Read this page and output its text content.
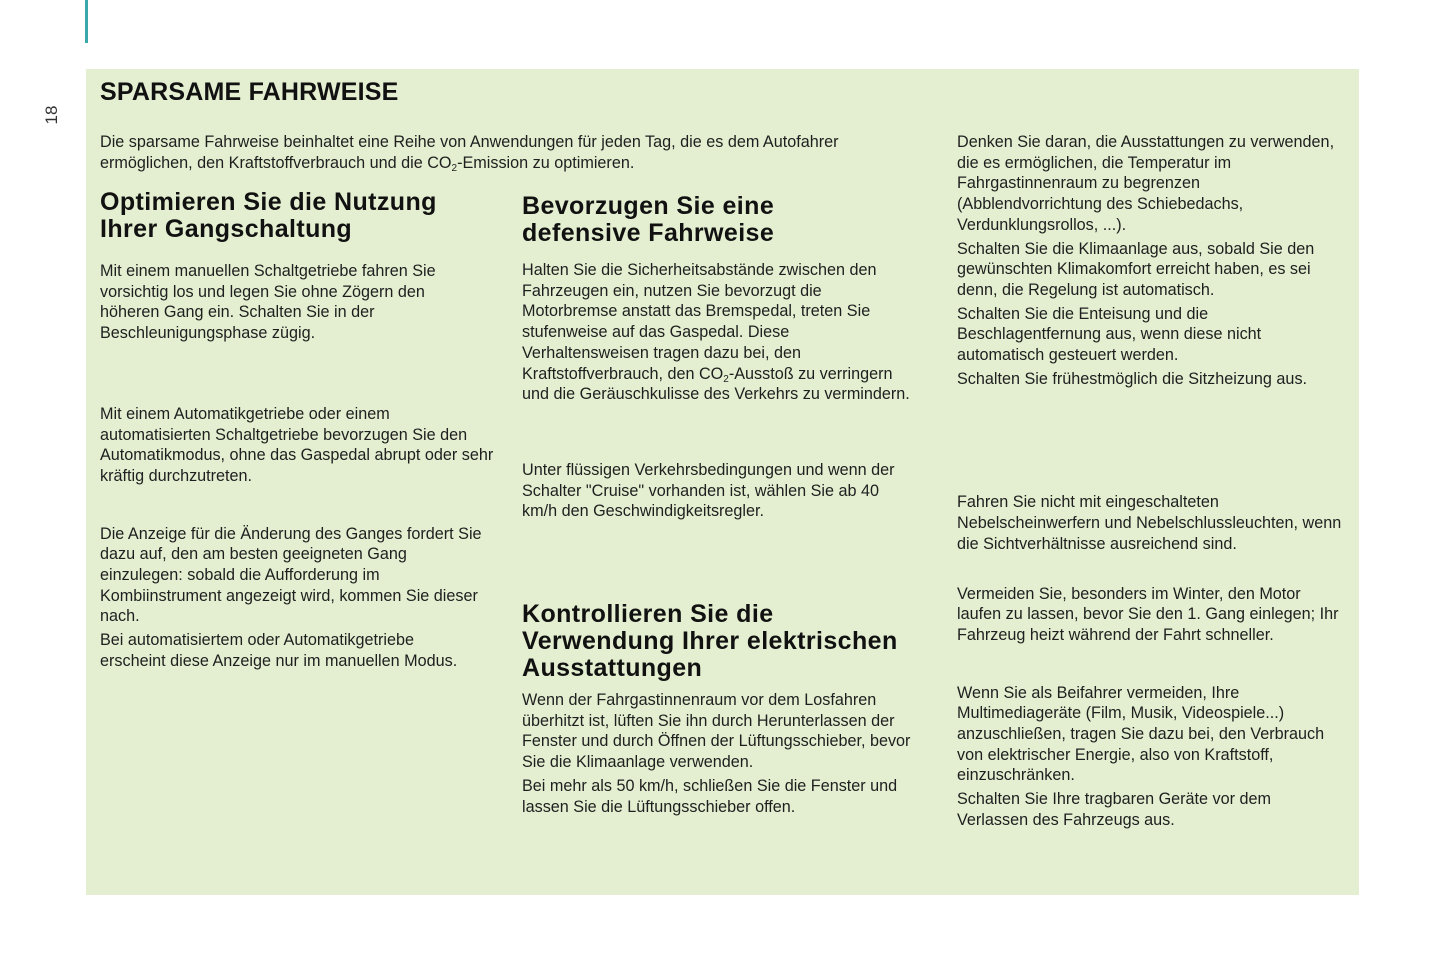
18
SPARSAME FAHRWEISE

Die sparsame Fahrweise beinhaltet eine Reihe von Anwendungen für jeden Tag, die es dem Autofahrer ermöglichen, den Kraftstoffverbrauch und die $CO_2$-Emission zu optimieren.

Optimieren Sie die Nutzung Ihrer Gangschaltung

Mit einem manuellen Schaltgetriebe fahren Sie vorsichtig los und legen Sie ohne Zögern den höheren Gang ein. Schalten Sie in der Beschleunigungsphase zügig.

Mit einem Automatikgetriebe oder einem automatisierten Schaltgetriebe bevorzugen Sie den Automatikmodus, ohne das Gaspedal abrupt oder sehr kräftig durchzutreten.

Die Anzeige für die Änderung des Ganges fordert Sie dazu auf, den am besten geeigneten Gang einzulegen: sobald die Aufforderung im Kombiinstrument angezeigt wird, kommen Sie dieser nach.

Bei automatisiertem oder Automatikgetriebe erscheint diese Anzeige nur im manuellen Modus.

Bevorzugen Sie eine defensive Fahrweise

Halten Sie die Sicherheitsabstände zwischen den Fahrzeugen ein, nutzen Sie bevorzugt die Motorbremse anstatt das Bremspedal, treten Sie stufenweise auf das Gaspedal. Diese Verhaltensweisen tragen dazu bei, den Kraftstoffverbrauch, den $CO_2$-Ausstoß zu verringern und die Geräuschkulisse des Verkehrs zu vermindern.

Unter flüssigen Verkehrsbedingungen und wenn der Schalter "Cruise" vorhanden ist, wählen Sie ab 40 km/h den Geschwindigkeitsregler.

Kontrollieren Sie die Verwendung Ihrer elektrischen Ausstattungen

Wenn der Fahrgastinnenraum vor dem Losfahren überhitzt ist, lüften Sie ihn durch Herunterlassen der Fenster und durch Öffnen der Lüftungsschieber, bevor Sie die Klimaanlage verwenden.

Bei mehr als 50 km/h, schließen Sie die Fenster und lassen Sie die Lüftungsschieber offen.

Denken Sie daran, die Ausstattungen zu verwenden, die es ermöglichen, die Temperatur im Fahrgastinnenraum zu begrenzen (Abblendvorrichtung des Schiebedachs, Verdunklungsrollos, ...).

Schalten Sie die Klimaanlage aus, sobald Sie den gewünschten Klimakomfort erreicht haben, es sei denn, die Regelung ist automatisch.

Schalten Sie die Enteisung und die Beschlagentfernung aus, wenn diese nicht automatisch gesteuert werden.

Schalten Sie frühestmöglich die Sitzheizung aus.

Fahren Sie nicht mit eingeschalteten Nebelscheinwerfern und Nebelschlussleuchten, wenn die Sichtverhältnisse ausreichend sind.

Vermeiden Sie, besonders im Winter, den Motor laufen zu lassen, bevor Sie den 1. Gang einlegen; Ihr Fahrzeug heizt während der Fahrt schneller.

Wenn Sie als Beifahrer vermeiden, Ihre Multimediageräte (Film, Musik, Videospiele...) anzuschließen, tragen Sie dazu bei, den Verbrauch von elektrischer Energie, also von Kraftstoff, einzuschränken.

Schalten Sie Ihre tragbaren Geräte vor dem Verlassen des Fahrzeugs aus.
